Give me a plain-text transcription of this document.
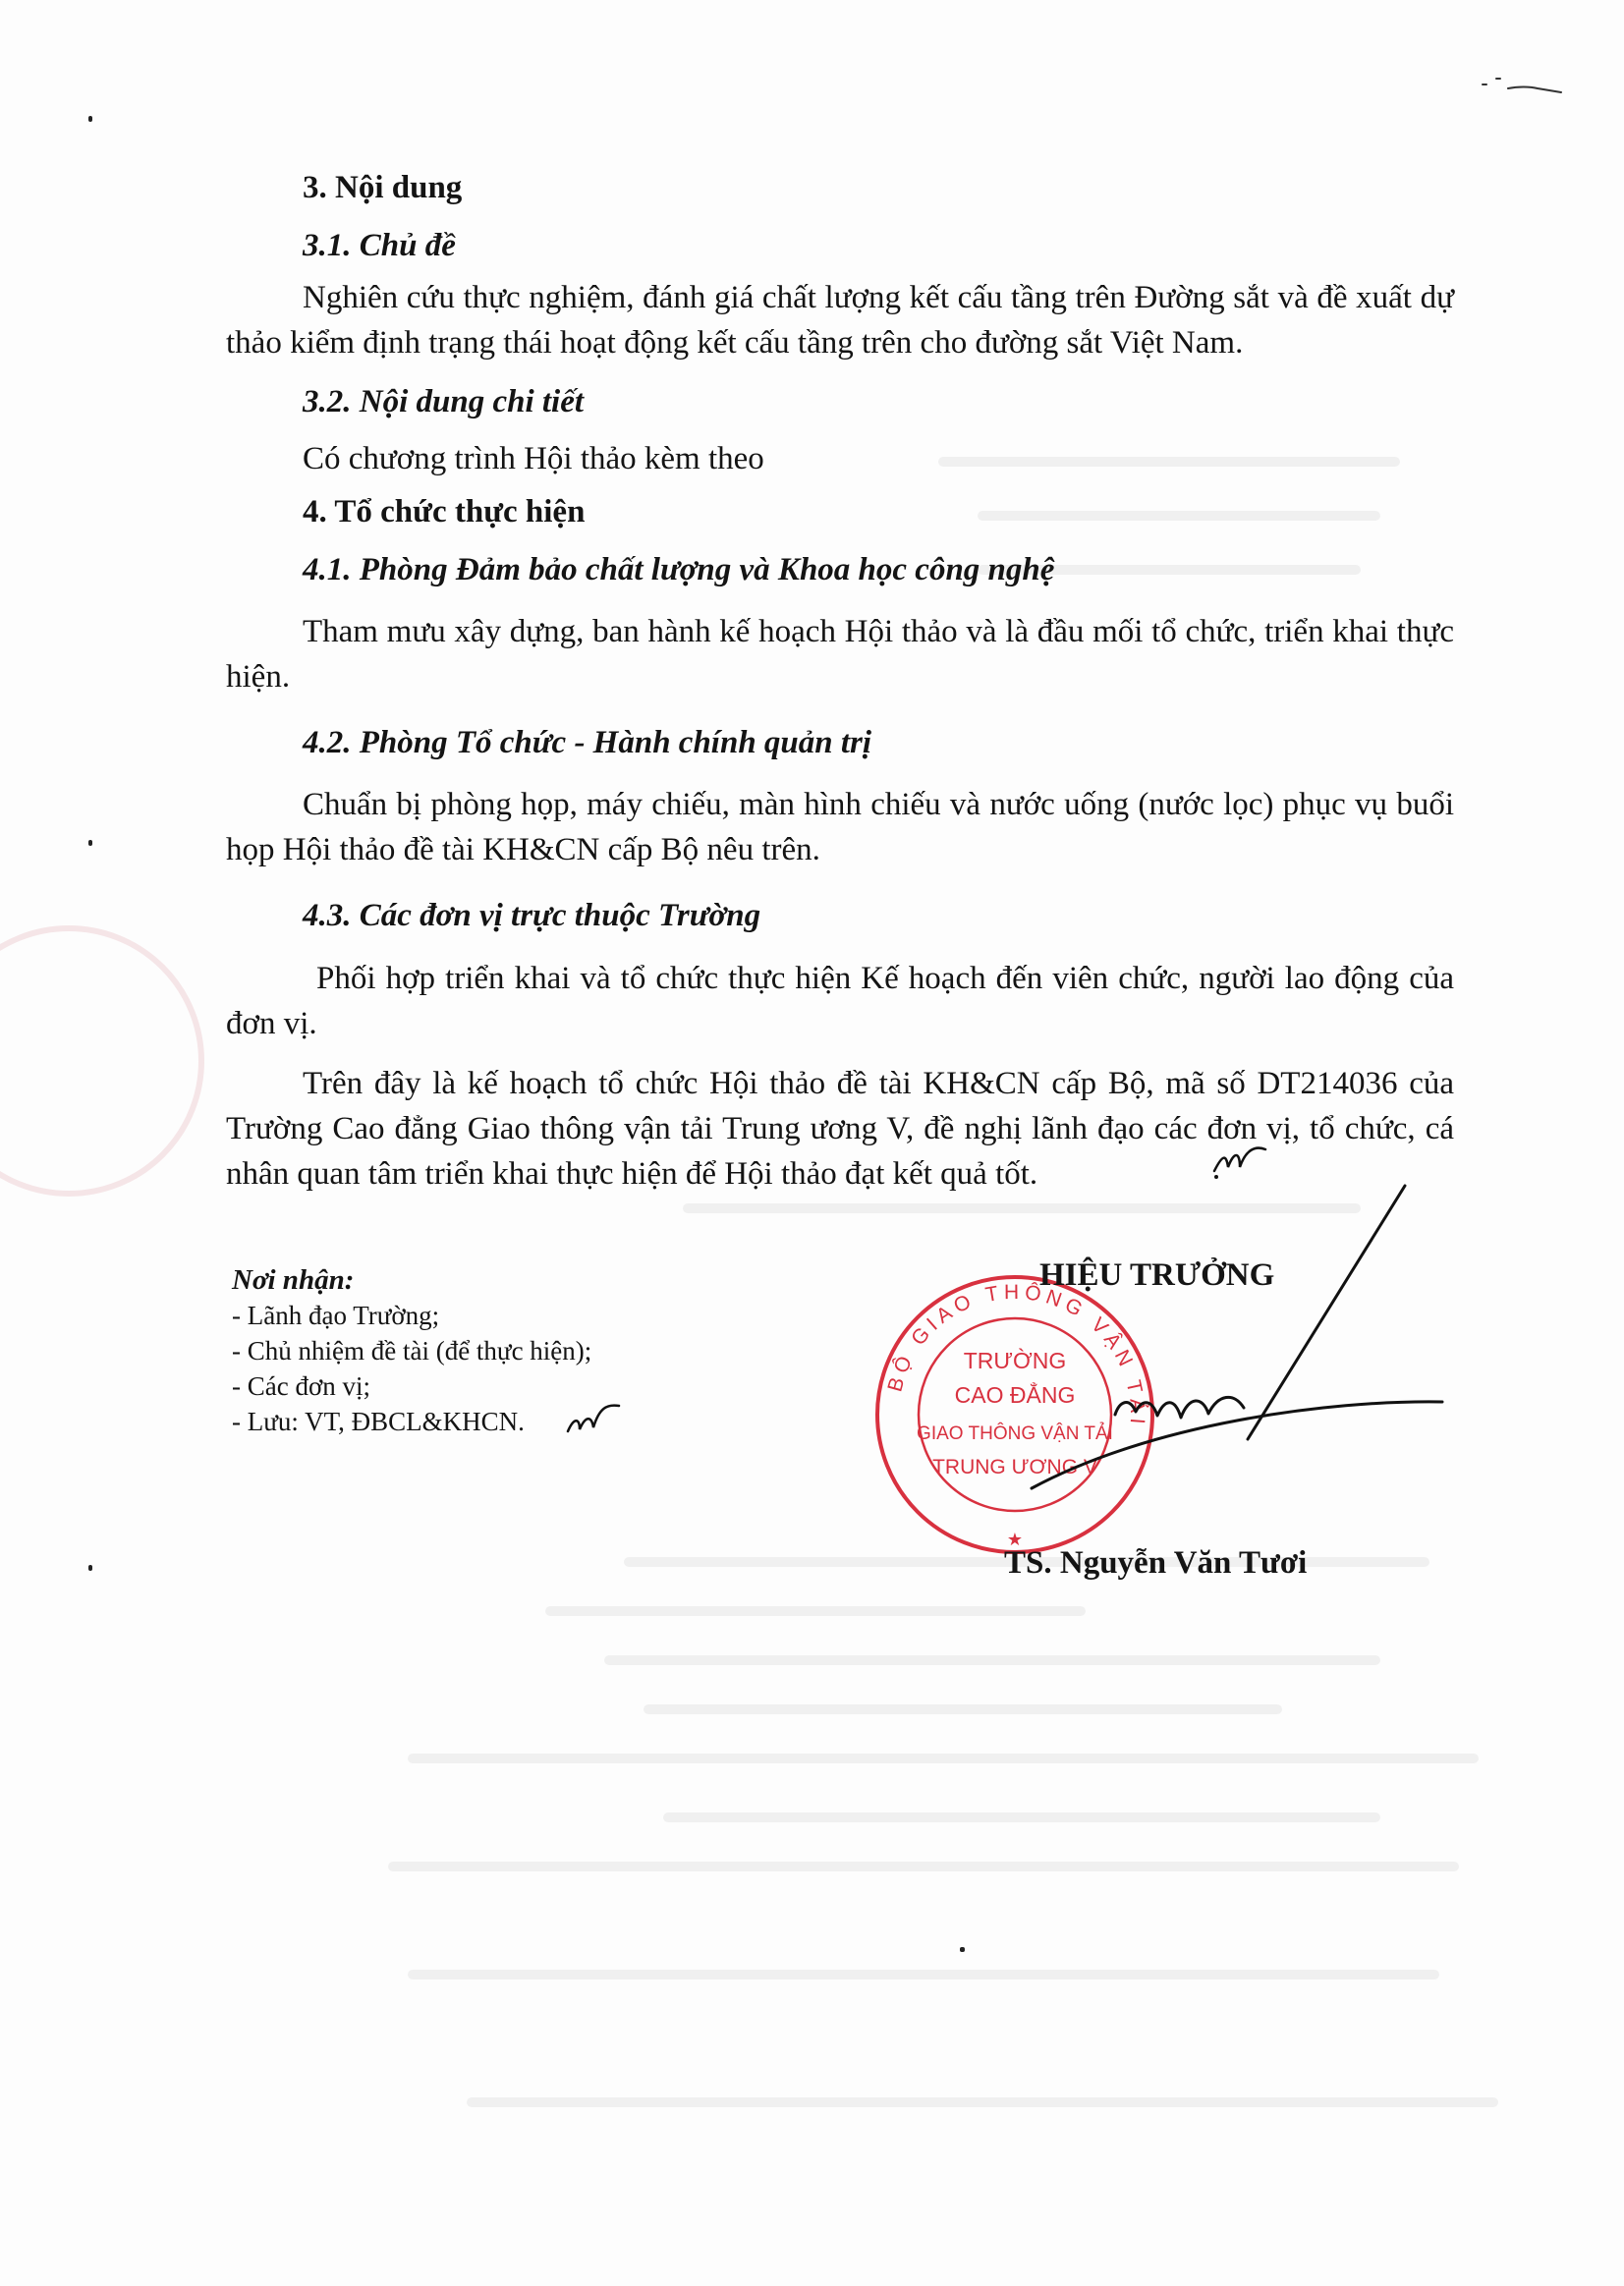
3. Nội dung
3.1. Chủ đề
Nghiên cứu thực nghiệm, đánh giá chất lượng kết cấu tầng trên Đường sắt và đề xuất dự thảo kiểm định trạng thái hoạt động kết cấu tầng trên cho đường sắt Việt Nam.
3.2. Nội dung chi tiết
Có chương trình Hội thảo kèm theo
4. Tổ chức thực hiện
4.1. Phòng Đảm bảo chất lượng và Khoa học công nghệ
Tham mưu xây dựng, ban hành kế hoạch Hội thảo và là đầu mối tổ chức, triển khai thực hiện.
4.2. Phòng Tổ chức - Hành chính quản trị
Chuẩn bị phòng họp, máy chiếu, màn hình chiếu và nước uống (nước lọc) phục vụ buổi họp Hội thảo đề tài KH&CN cấp Bộ nêu trên.
4.3. Các đơn vị trực thuộc Trường
Phối hợp triển khai và tổ chức thực hiện Kế hoạch đến viên chức, người lao động của đơn vị.
Trên đây là kế hoạch tổ chức Hội thảo đề tài KH&CN cấp Bộ, mã số DT214036 của Trường Cao đẳng Giao thông vận tải Trung ương V, đề nghị lãnh đạo các đơn vị, tổ chức, cá nhân quan tâm triển khai thực hiện để Hội thảo đạt kết quả tốt.
Nơi nhận:
- Lãnh đạo Trường;
- Chủ nhiệm đề tài (để thực hiện);
- Các đơn vị;
- Lưu: VT, ĐBCL&KHCN.
BỘ GIAO THÔNG VẬN TẢI
TRƯỜNG
CAO ĐẲNG
GIAO THÔNG VẬN TẢI
TRUNG ƯƠNG V
★
HIỆU TRƯỞNG
TS. Nguyễn Văn Tươi
